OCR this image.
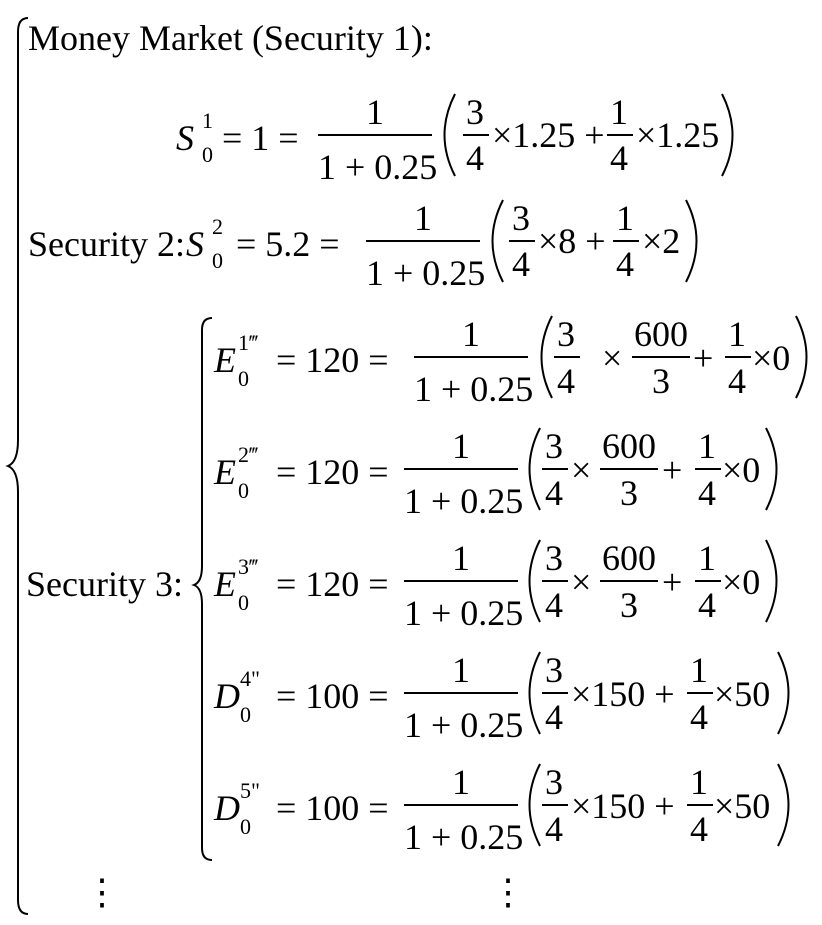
Money Market (Security 1):
S 1
0 = 1 =
1
1 + 0.25
3
4
×1.25 +
1
4
×1.25
Security 2: S 2
0 = 5.2 =
1
1 + 0.25
3
4
×8 +
1
4
×2
Security 3:
E 1‴
0 = 120 =
1
1 + 0.25
3
4
×
600
3
+
1
4
×0
E 2‴
0 = 120 =
1
1 + 0.25
3
4
×
600
3
+
1
4
×0
E 3‴
0 = 120 =
1
1 + 0.25
3
4
×
600
3
+
1
4
×0
D 4"
0 = 100 =
1
1 + 0.25
3
4
×150 +
1
4
×50
D 5"
0 = 100 =
1
1 + 0.25
3
4
×150 +
1
4
×50
⋮	⋮
